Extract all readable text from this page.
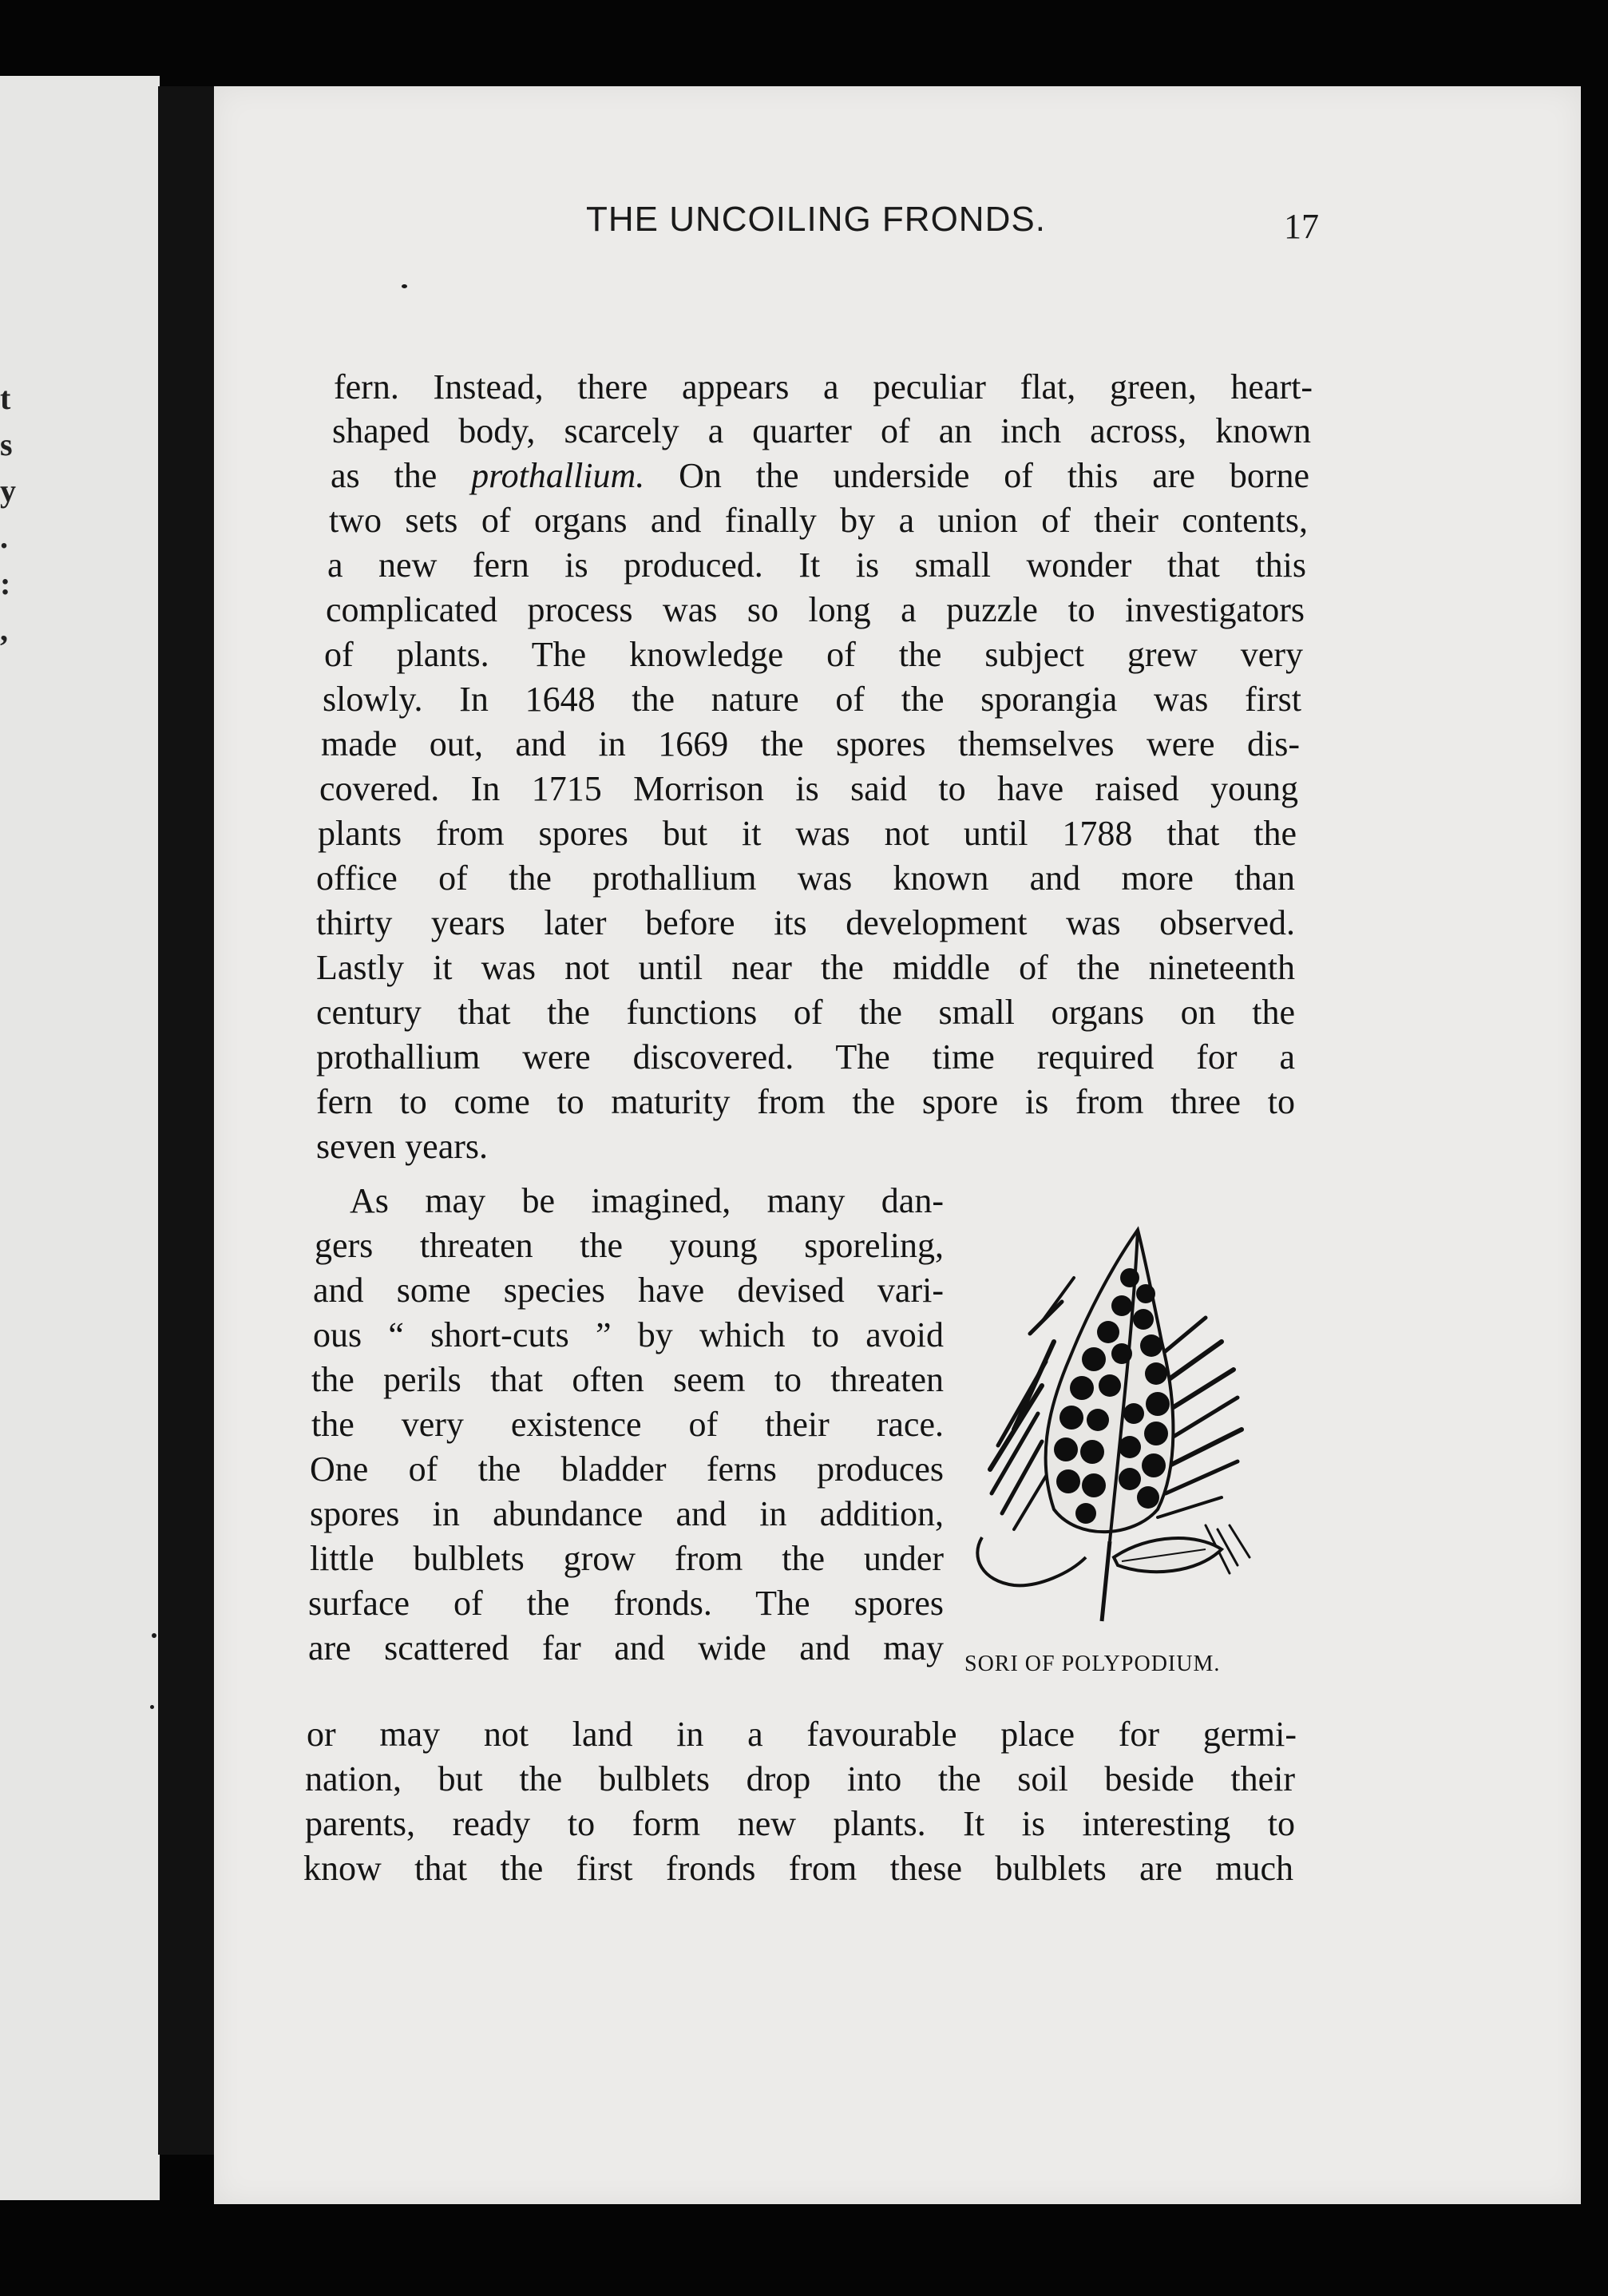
t
s
y
.
:
,
THE UNCOILING FRONDS.	17
fern. Instead, there appears a peculiar flat, green, heart-
shaped body, scarcely a quarter of an inch across, known
as the prothallium. On the underside of this are borne
two sets of organs and finally by a union of their contents,
a new fern is produced. It is small wonder that this
complicated process was so long a puzzle to investigators
of plants. The knowledge of the subject grew very
slowly. In 1648 the nature of the sporangia was first
made out, and in 1669 the spores themselves were dis-
covered. In 1715 Morrison is said to have raised young
plants from spores but it was not until 1788 that the
office of the prothallium was known and more than
thirty years later before its development was observed.
Lastly it was not until near the middle of the nineteenth
century that the functions of the small organs on the
prothallium were discovered. The time required for a
fern to come to maturity from the spore is from three to
seven years.
As may be imagined, many dan-
gers threaten the young sporeling,
and some species have devised vari-
ous “ short-cuts ” by which to avoid
the perils that often seem to threaten
the very existence of their race.
One of the bladder ferns produces
spores in abundance and in addition,
little bulblets grow from the under
surface of the fronds. The spores
are scattered far and wide and may SORI OF POLYPODIUM.
or may not land in a favourable place for germi-
nation, but the bulblets drop into the soil beside their
parents, ready to form new plants. It is interesting to
know that the first fronds from these bulblets are much
